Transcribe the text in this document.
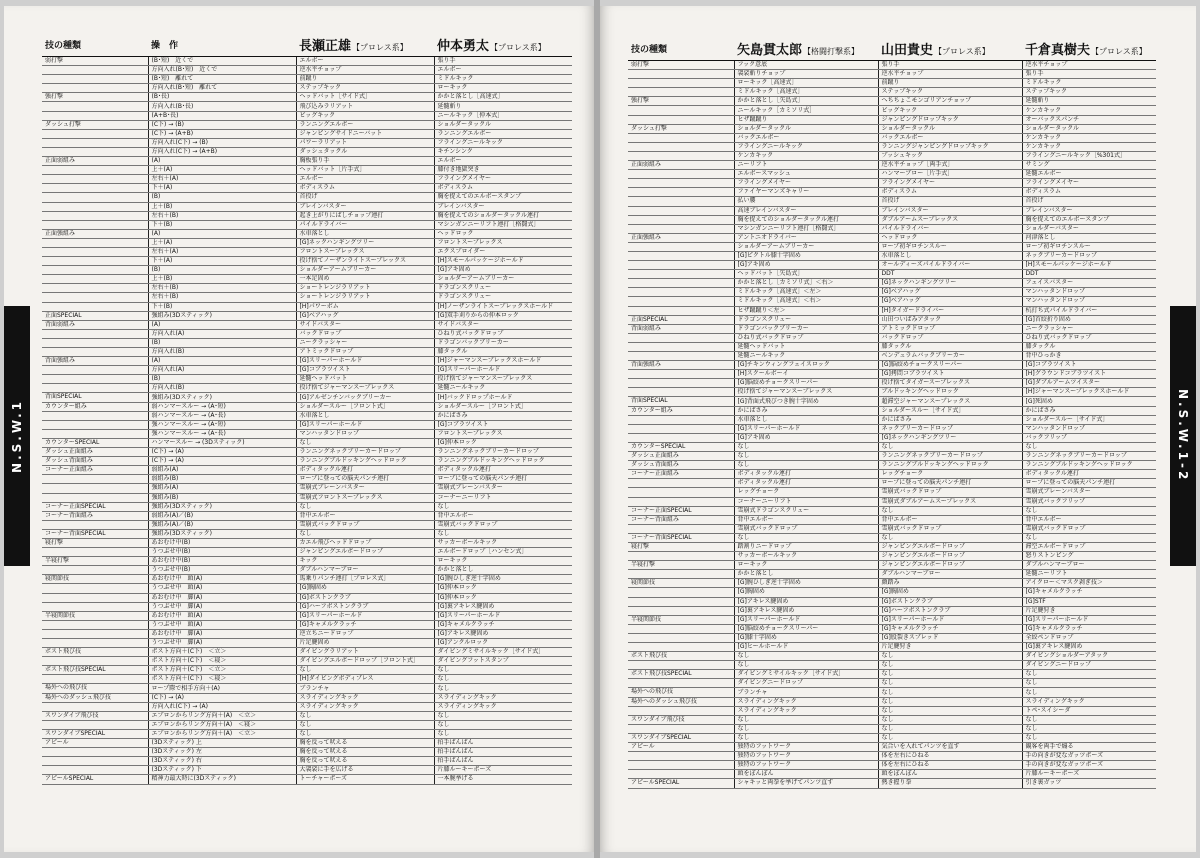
N.S.W.1
技の種類	操　作	長瀬正雄【プロレス系】	仲本勇太【プロレス系】
弱打撃	(B･短)　近くで	エルボー	張り手
	方向入れ(B･短)　近くで	逆水平チョップ	エルボー
	(B･短)　離れて	前蹴り	ミドルキック
	方向入れ(B･短)　離れて	ステップキック	ローキック
強打撃	(B･長)	ヘッドバット［サイド式］	かかと落とし［高速式］
	方向入れ(B･長)	飛び込みラリアット	延髄斬り
	(A+B･長)	ビッグキック	ニールキック［仲本式］
ダッシュ打撃	(C下) → (B)	ランニングエルボー	ショルダータックル
	(C下) → (A+B)	ジャンピングサイドニーバット	ランニングエルボー
	方向入れ(C下) → (B)	パワーラリアット	フライングニールキック
	方向入れ(C下) → (A+B)	ダッシュタックル	キチンシンク
正面弱組み	(A)	胸板張り手	エルボー
	上＋(A)	ヘッドバット［片手式］	膝付き地獄突き
	左右＋(A)	エルボー	フライングメイヤー
	下＋(A)	ボディスラム	ボディスラム
	(B)	首投げ	胸を捉えてのエルボースタンプ
	上＋(B)	ブレインバスター	ブレインバスター
	左右＋(B)	起き上がりにばしチョップ連打	胸を捉えてのショルダータックル連打
	下＋(B)	パイルドライバー	マシンガンニーリフト連打［格闘式］
正面強組み	(A)	水車落とし	ヘッドロック
	上＋(A)	[G]ネックハンギングツリー	フロントスープレックス
	左右＋(A)	フロントスープレックス	エクスプロイダー
	下＋(A)	投げ捨てノーザンライトスープレックス	[H]スモールパッケージホールド
	(B)	ショルダーアームブリーカー	[G]アキ固め
	上＋(B)	一本足固め	ショルダーアームブリーカー
	左右＋(B)	ショートレンジラリアット	ドラゴンスクリュー
	左右＋(B)	ショートレンジラリアット	ドラゴンスクリュー
	下＋(B)	[H]パワーボム	[H]ノーザンライトスープレックスホールド
正面SPECIAL	強組み(3Dスティック)	[G]ベアハッグ	[G]双手刈りからの仲本ロック
背面弱組み	(A)	サイドバスター	サイドバスター
	方向入れ(A)	バックドロップ	ひねり式バックドロップ
	(B)	ニークラッシャー	ドラゴンバックブリーカー
	方向入れ(B)	アトミックドロップ	膝タックル
背面強組み	(A)	[G]スリーパーホールド	[H]ジャーマンスープレックスホールド
	方向入れ(A)	[G]コブラツイスト	[G]スリーパーホールド
	(B)	延髄ヘッドバット	投げ捨てジャーマンスープレックス
	方向入れ(B)	投げ捨てジャーマンスープレックス	延髄ニールキック
背面SPECIAL	強組み(3Dスティック)	[G]アルゼンチンバックブリーカー	[H]バックドロップホールド
カウンター組み	弱ハンマースルー → (A･短)	ショルダースルー［フロント式］	ショルダースルー［フロント式］
	弱ハンマースルー → (A･長)	水車落とし	かにばさみ
	強ハンマースルー → (A･短)	[G]スリーパーホールド	[G]コブラツイスト
	強ハンマースルー → (A･長)	マンハッタンドロップ	フロントスープレックス
カウンターSPECIAL	ハンマースルー → (3Dスティック)	なし	[G]仲本ロック
ダッシュ正面組み	(C下) → (A)	ランニングネックブリーカードロップ	ランニングネックブリーカードロップ
ダッシュ背面組み	(C下) → (A)	ランニングブルドッキングヘッドロック	ランニングブルドッキングヘッドロック
コーナー正面組み	弱組み(A)	ボディタックル連打	ボディタックル連打
	弱組み(B)	ロープに登っての脳天パンチ連打	ロープに登っての脳天パンチ連打
	強組み(A)	雪崩式ブレーンバスター	雪崩式ブレーンバスター
	強組み(B)	雪崩式フロントスープレックス	コーナーニーリフト
コーナー正面SPECIAL	強組み(3Dスティック)	なし	なし
コーナー背面組み	弱組み(A)／(B)	背中エルボー	背中エルボー
	強組み(A)／(B)	雪崩式バックドロップ	雪崩式バックドロップ
コーナー背面SPECIAL	強組み(3Dスティック)	なし	なし
寝打撃	あおむけ中(B)	カエル飛びヘッドドロップ	サッカーボールキック
	うつぶせ中(B)	ジャンピングエルボードロップ	エルボードロップ［ハンセン式］
半寝打撃	あおむけ中(B)	キック	ローキック
	うつぶせ中(B)	ダブルハンマーブロー	かかと落とし
寝関節技	あおむけ中　頭(A)	馬乗りパンチ連打［プロレス式］	[G]腕ひしぎ逆十字固め
	うつぶせ中　頭(A)	[G]胸固め	[G]仲本ロック
	あおむけ中　脚(A)	[G]ボストンクラブ	[G]仲本ロック
	うつぶせ中　脚(A)	[G]ハーフボストンクラブ	[G]裏アキレス腱固め
半寝関節技	あおむけ中　頭(A)	[G]スリーパーホールド	[G]スリーパーホールド
	うつぶせ中　頭(A)	[G]キャメルクラッチ	[G]キャメルクラッチ
	あおむけ中　脚(A)	逆立ちニードロップ	[G]アキレス腱固め
	うつぶせ中　脚(A)	片足腱固め	[G]アンクルロック
ポスト飛び技	ポスト方向＋(C下)　＜立＞	ダイビングラリアット	ダイビングミサイルキック［サイド式］
	ポスト方向＋(C下)　＜寝＞	ダイビングエルボードロップ［フロント式］	ダイビングフットスタンプ
ポスト飛び技SPECIAL	ポスト方向＋(C下)　＜立＞	なし	なし
	ポスト方向＋(C下)　＜寝＞	[H]ダイビングボディプレス	なし
場外への飛び技	ロープ際で相手方向＋(A)	ブランチャ	なし
場外へのダッシュ飛び技	(C下) → (A)	スライディングキック	スライディングキック
	方向入れ(C下) → (A)	スライディングキック	スライディングキック
スワンダイブ飛び技	エプロンからリング方向＋(A)　＜立＞	なし	なし
	エプロンからリング方向＋(A)　＜寝＞	なし	なし
スワンダイブSPECIAL	エプロンからリング方向＋(A)　＜立＞	なし	なし
アピール	(3Dスティック) 上	胸を反って吠える	拍手ぱんぱん
	(3Dスティック) 左	胸を反って吠える	拍手ぱんぱん
	(3Dスティック) 右	胸を反って吠える	拍手ぱんぱん
	(3Dスティック) 下	大袈裟に手を広げる	片膝ルーキーポーズ
アピールSPECIAL	精神力最大時に(3Dスティック)	トーチャーポーズ	一本腕挙げる
N.S.W.1-2
技の種類	矢島貫太郎【格闘打撃系】	山田貴史【プロレス系】	千倉真樹夫【プロレス系】
弱打撃	フック意底	張り手	逆水平チョップ
	袈裟斬りチョップ	逆水平チョップ	張り手
	ローキック［高速式］	前蹴り	ミドルキック
	ミドルキック［高速式］	ステップキック	ステップキック
強打撃	かかと落とし［矢島式］	へちちょこモンゴリアンチョップ	延髄斬り
	ニールキック［カミソリ式］	ビッグキック	ケンカキック
	ヒザ蹴蹴り	ジャンピングドロップキック	オーバックスパンチ
ダッシュ打撃	ショルダータックル	ショルダータックル	ショルダータックル
	バックエルボー	バックエルボー	ケンカキック
	フライングニールキック	ランニングジャンピングドロップキック	ケンカキック
	ケンカキック	プッシュキック	フライングニールキック［%301式］
正面弱組み	ニーリフト	逆水平チョップ［両手式］	サミング
	エルボースマッシュ	ハンマーブロー［片手式］	延髄エルボー
	フライングメイヤー	フライングメイヤー	フライングメイヤー
	ファイヤーマンズキャリー	ボディスラム	ボディスラム
	払い腰	首投げ	首投げ
	高速ブレインバスター	ブレインバスター	ブレインバスター
	胸を捉えてのショルダータックル連打	ダブルアームスープレックス	胸を捉えてのエルボースタンプ
	マシンガンニーリフト連打［格闘式］	パイルドライバー	ショルダーバスター
正面強組み	アントニオドライバー	ヘッドロック	河津落とし
	ショルダーアームブリーカー	ロープ初ギロチンスルー	ロープ初ギロチンスルー
	[G]ピクトル膝十字固め	水車落とし	ネックブリーカードロップ
	[G]アキ固め	オールディーズパイルドライバー	[H]スモールパッケージホールド
	ヘッドバット［矢島式］	DDT	DDT
	かかと落とし［カミソリ式］＜右＞	[G]ネックハンギングツリー	フェイスバスター
	ミドルキック［高速式］＜左＞	[G]ベアハッグ	マンハッタンドロップ
	ミドルキック［高速式］＜右＞	[G]ベアハッグ	マンハッタンドロップ
	ヒザ蹴蹴り＜左＞	[H]タイガードライバー	杭打ち式パイルドライバー
正面SPECIAL	ドラゴンスクリュー	山田ついばみアタック	[G]首絞折り固め
背面弱組み	ドラゴンバックブリーカー	アトミックドロップ	ニークラッシャー
	ひねり式バックドロップ	バックドロップ	ひねり式バックドロップ
	延髄ヘッドバット	膝タックル	膝タックル
	延髄ニールキック	ベンデュラムバックブリーカー	背中ひっかき
背面強組み	[G]チキンウィングフェイスロック	[G]脳絞めチョークスリーパー	[G]コブラツイスト
	[H]スクールボーイ	[G]拷問コブラツイスト	[H]グラウンドコブラツイスト
	[G]脳絞めチョークスリーパー	投げ捨てタイガースープレックス	[G]ダブルアームツイスター
	投げ捨てジャーマンスープレックス	ブルドッキングヘッドロック	[H]ジャーマンスープレックスホールド
背面SPECIAL	[G]背面式飛びつき腕十字固め	超滞空ジャーマンスープレックス	[G]死固め
カウンター組み	かにばさみ	ショルダースルー［サイド式］	かにばさみ
	水車落とし	かにばさみ	ショルダースルー［サイド式］
	[G]スリーパーホールド	ネックブリーカードロップ	マンハッタンドロップ
	[G]アキ固め	[G]ネックハンギングツリー	バックフリップ
カウンターSPECIAL	なし	なし	なし
ダッシュ正面組み	なし	ランニングネックブリーカードロップ	ランニングネックブリーカードロップ
ダッシュ背面組み	なし	ランニングブルドッキングヘッドロック	ランニングブルドッキングヘッドロック
コーナー正面組み	ボディタックル連打	レッグチョーク	ボディタックル連打
	ボディタックル連打	ロープに登っての脳天パンチ連打	ロープに登っての脳天パンチ連打
	レッグチョーク	雪崩式バックドロップ	雪崩式ブレーンバスター
	コーナーニーリフト	雪崩式ダブルアームスープレックス	雪崩式バックフリップ
コーナー正面SPECIAL	雪崩式ドラゴンスクリュー	なし	なし
コーナー背面組み	背中エルボー	背中エルボー	背中エルボー
	雪崩式バックドロップ	雪崩式バックドロップ	雪崩式バックドロップ
コーナー背面SPECIAL	なし	なし	なし
寝打撃	踏割りニードロップ	ジャンピングエルボードロップ	滞空エルボードロップ
	サッカーボールキック	ジャンピングエルボードロップ	怒りストンピング
半寝打撃	ローキック	ジャンピングエルボードロップ	ダブルハンマーブロー
	かかと落とし	ダブルハンマーブロー	延髄ニーリフト
寝関節技	[G]腕ひしぎ逆十字固め	顔踏み	アイクロー＜マスク剥ぎ技＞
	[G]胸固め	[G]胸固め	[G]キャメルクラッチ
	[G]アキレス腱固め	[G]ボストンクラブ	[G]STF
	[G]裏アキレス腱固め	[G]ハーフボストンクラブ	片足腱狩き
半寝関節技	[G]スリーパーホールド	[G]スリーパーホールド	[G]スリーパーホールド
	[G]脳絞めチョークスリーパー	[G]キャメルクラッチ	[G]キャメルクラッチ
	[G]膝十字固め	[G]股裂きスプレッド	全絞ペンドロップ
	[G]ヒールホールド	片足腱狩き	[G]裏アキレス腱固め
ポスト飛び技	なし	なし	ダイビングショルダーアタック
	なし	なし	ダイビングニードロップ
ポスト飛び技SPECIAL	ダイビングミサイルキック［サイド式］	なし	なし
	ダイビングニードロップ	なし	なし
場外への飛び技	ブランチャ	なし	なし
場外へのダッシュ飛び技	スライディングキック	なし	スライディングキック
	スライディングキック	なし	トペ･スイシーダ
スワンダイブ飛び技	なし	なし	なし
	なし	なし	なし
スワンダイブSPECIAL	なし	なし	なし
アピール	独特のフットワーク	気合いを入れてパンツを直す	観客を両手で煽る
	独特のフットワーク	体を左右にひねる	手の向きが変なガッツポーズ
	独特のフットワーク	体を左右にひねる	手の向きが変なガッツポーズ
	頭をぽんぽん	頭をぽんぽん	片膝ルーキーポーズ
アピールSPECIAL	シャキッと両拳を挙げてパンツ直す	熱き握り拳	引き裏ガッツ
